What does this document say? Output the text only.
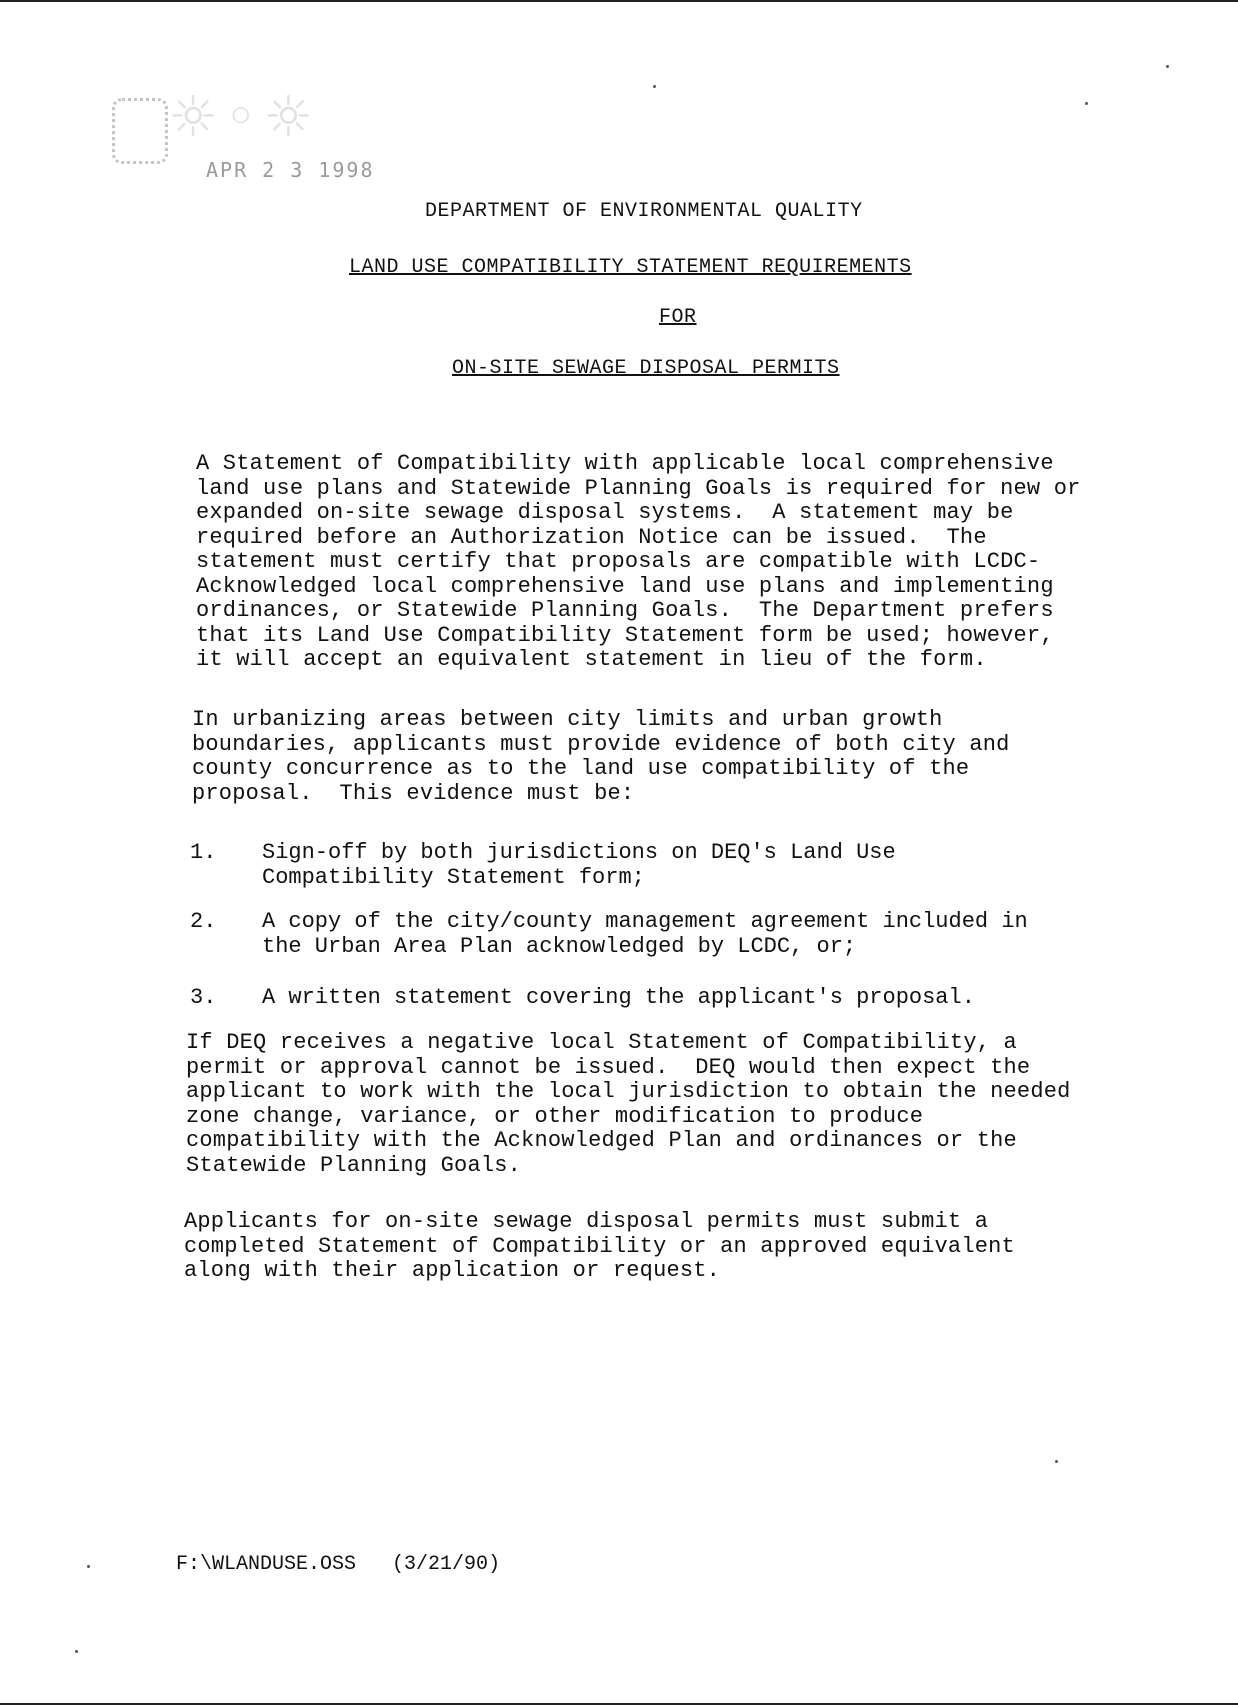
☼◦☼
APR 2 3 1998
DEPARTMENT OF ENVIRONMENTAL QUALITY
LAND USE COMPATIBILITY STATEMENT REQUIREMENTS
FOR
ON-SITE SEWAGE DISPOSAL PERMITS

A Statement of Compatibility with applicable local comprehensive
land use plans and Statewide Planning Goals is required for new or
expanded on-site sewage disposal systems.  A statement may be
required before an Authorization Notice can be issued.  The
statement must certify that proposals are compatible with LCDC-
Acknowledged local comprehensive land use plans and implementing
ordinances, or Statewide Planning Goals.  The Department prefers
that its Land Use Compatibility Statement form be used; however,
it will accept an equivalent statement in lieu of the form.

In urbanizing areas between city limits and urban growth
boundaries, applicants must provide evidence of both city and
county concurrence as to the land use compatibility of the
proposal.  This evidence must be:

1. Sign-off by both jurisdictions on DEQ's Land Use
Compatibility Statement form;
2. A copy of the city/county management agreement included in
the Urban Area Plan acknowledged by LCDC, or;
3. A written statement covering the applicant's proposal.

If DEQ receives a negative local Statement of Compatibility, a
permit or approval cannot be issued.  DEQ would then expect the
applicant to work with the local jurisdiction to obtain the needed
zone change, variance, or other modification to produce
compatibility with the Acknowledged Plan and ordinances or the
Statewide Planning Goals.

Applicants for on-site sewage disposal permits must submit a
completed Statement of Compatibility or an approved equivalent
along with their application or request.

F:\WLANDUSE.OSS (3/21/90)
